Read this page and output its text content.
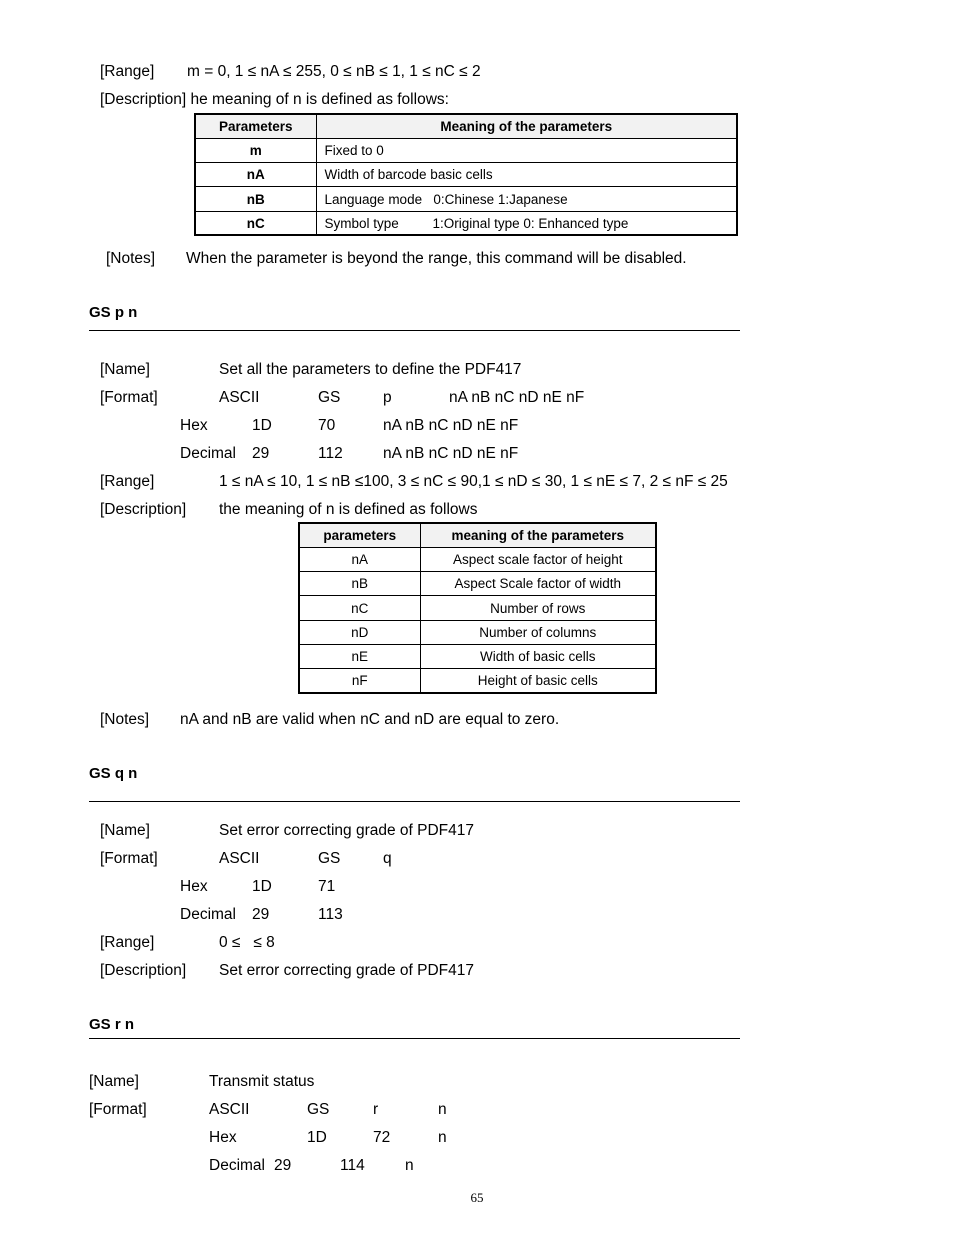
[Range] m = 0, 1 ≤ nA ≤ 255, 0 ≤ nB ≤ 1, 1 ≤ nC ≤ 2
[Description] he meaning of n is defined as follows:
Parameters	Meaning of the parameters
m	Fixed to 0
nA	Width of barcode basic cells
nB	Language mode   0:Chinese 1:Japanese
nC	Symbol type         1:Original type 0: Enhanced type
[Notes] When the parameter is beyond the range, this command will be disabled.
GS p n
[Name]	Set all the parameters to define the PDF417
[Format]	ASCII	GS	p	nA nB nC nD nE nF
Hex	1D	70	nA nB nC nD nE nF
Decimal 29	112	nA nB nC nD nE nF
[Range]	1 ≤ nA ≤ 10, 1 ≤ nB ≤100, 3 ≤ nC ≤ 90,1 ≤ nD ≤ 30, 1 ≤ nE ≤ 7, 2 ≤ nF ≤ 25
[Description] the meaning of n is defined as follows
parameters	meaning of the parameters
nA	Aspect scale factor of height
nB	Aspect Scale factor of width
nC	Number of rows
nD	Number of columns
nE	Width of basic cells
nF	Height of basic cells
[Notes] nA and nB are valid when nC and nD are equal to zero.
GS q n
[Name]	Set error correcting grade of PDF417
[Format]	ASCII	GS	q
Hex	1D	71
Decimal 29	113
[Range]	0 ≤   ≤ 8
[Description] Set error correcting grade of PDF417
GS r n
[Name]	Transmit status
[Format]	ASCII	GS	r	n
Hex	1D	72	n
Decimal 29	114	n
65
